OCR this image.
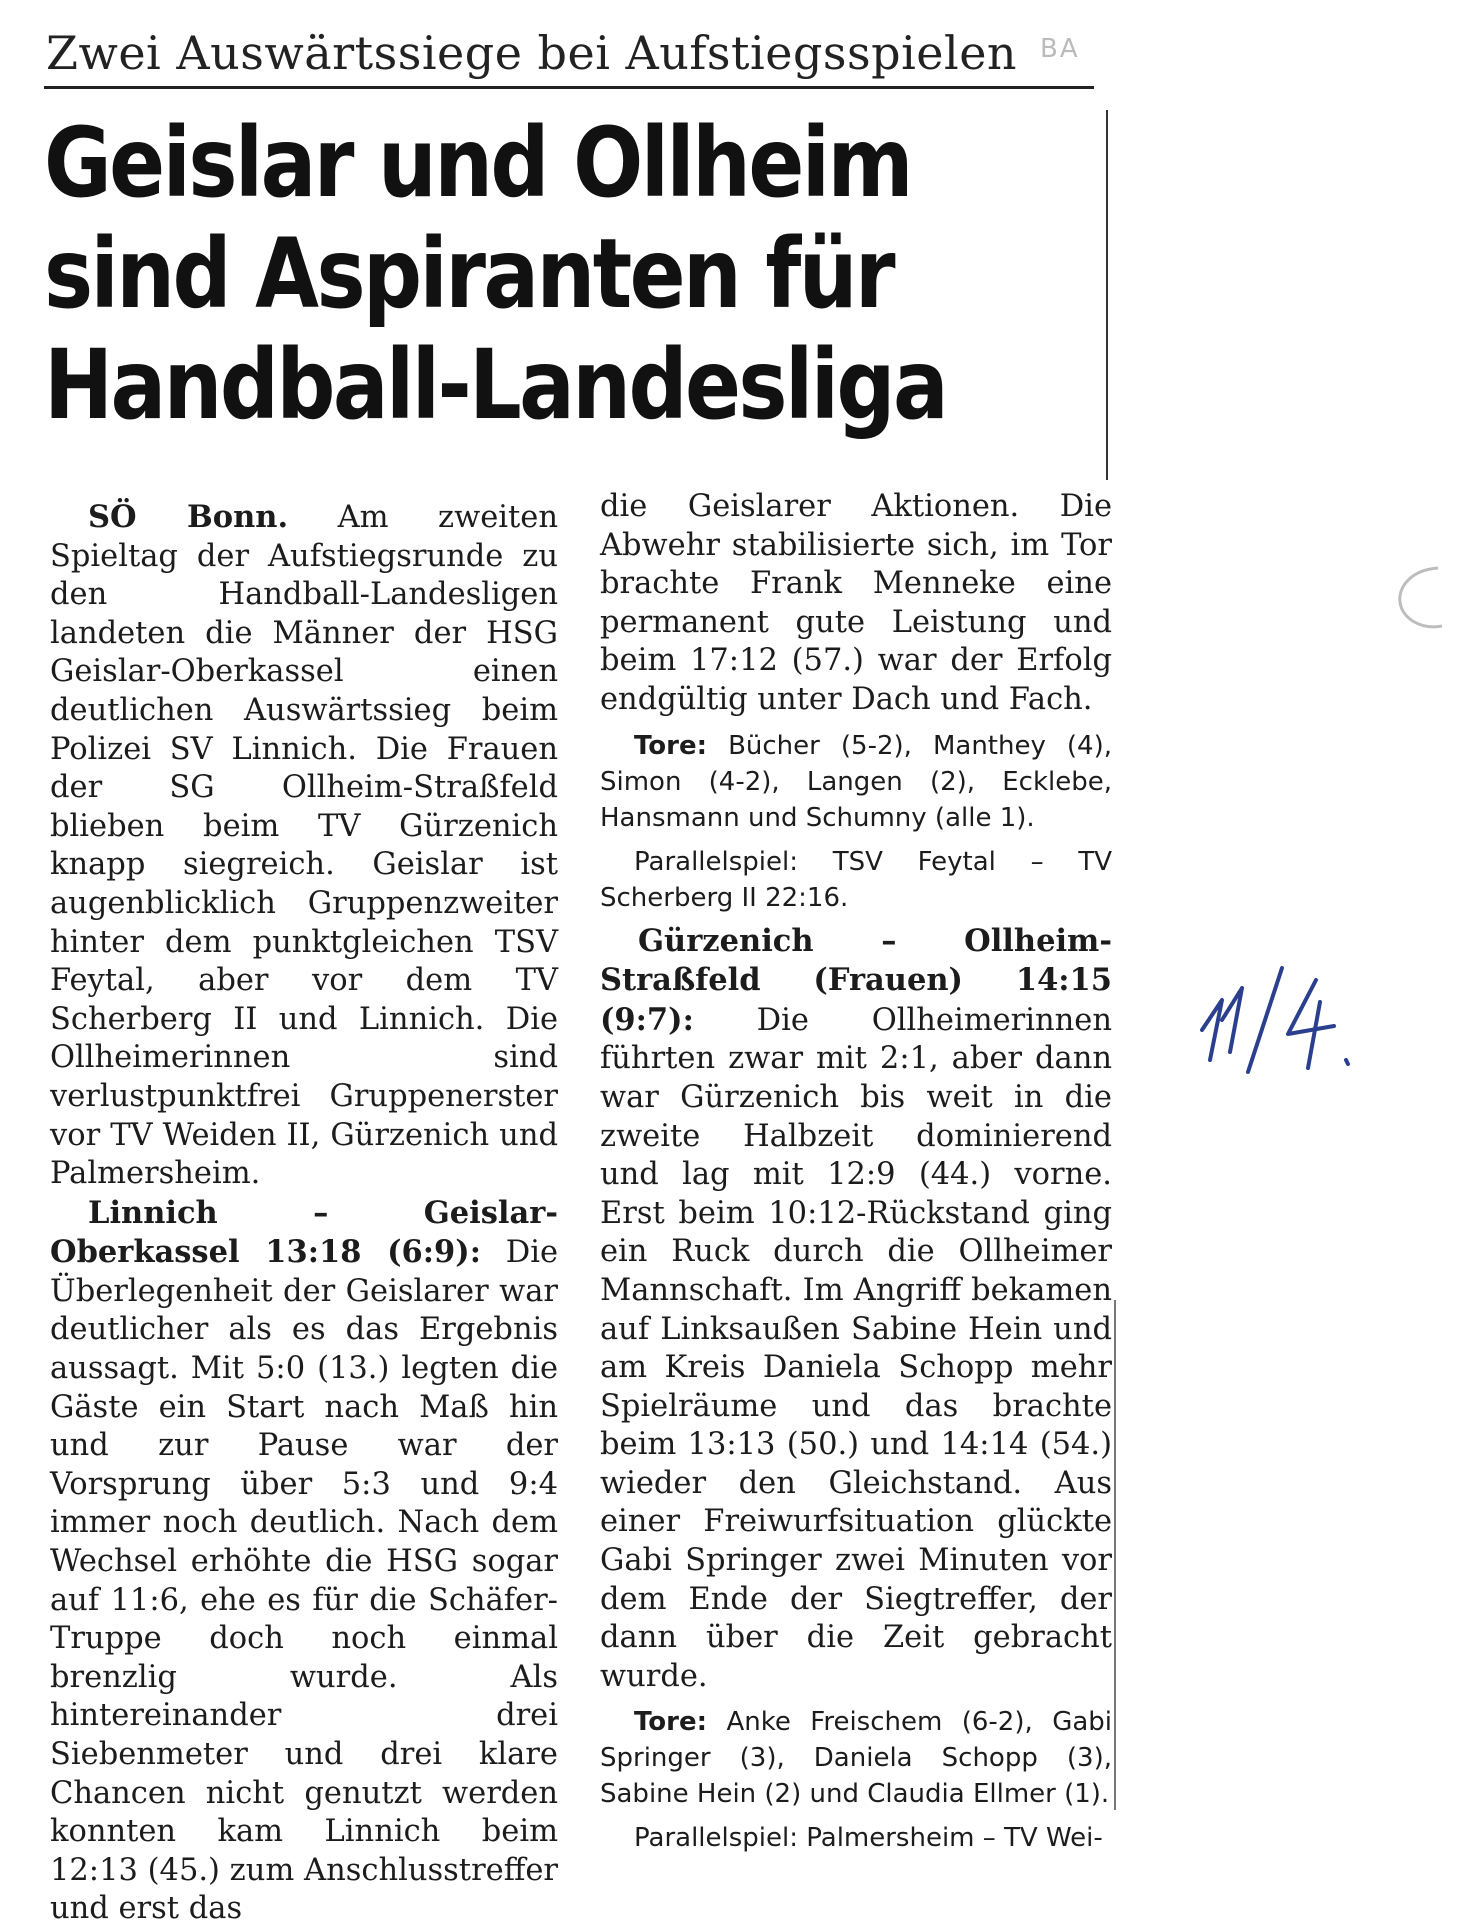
Zwei Auswärtssiege bei Aufstiegsspielen BA
Geislar und Ollheim
sind Aspiranten für
Handball-Landesliga

SÖ Bonn. Am zweiten Spieltag der Aufstiegsrunde zu den Handball-Landesligen landeten die Männer der HSG Geislar-Oberkassel einen deutlichen Auswärtssieg beim Polizei SV Linnich. Die Frauen der SG Ollheim-Straßfeld blieben beim TV Gürzenich knapp siegreich. Geislar ist augenblicklich Gruppenzweiter hinter dem punktgleichen TSV Feytal, aber vor dem TV Scherberg II und Linnich. Die Ollheimerinnen sind verlustpunktfrei Gruppenerster vor TV Weiden II, Gürzenich und Palmersheim.

Linnich – Geislar-Oberkassel 13:18 (6:9): Die Überlegenheit der Geislarer war deutlicher als es das Ergebnis aussagt. Mit 5:0 (13.) legten die Gäste ein Start nach Maß hin und zur Pause war der Vorsprung über 5:3 und 9:4 immer noch deutlich. Nach dem Wechsel erhöhte die HSG sogar auf 11:6, ehe es für die Schäfer-Truppe doch noch einmal brenzlig wurde. Als hintereinander drei Siebenmeter und drei klare Chancen nicht genutzt werden konnten kam Linnich beim 12:13 (45.) zum Anschlusstreffer und erst das

die Geislarer Aktionen. Die Abwehr stabilisierte sich, im Tor brachte Frank Menneke eine permanent gute Leistung und beim 17:12 (57.) war der Erfolg endgültig unter Dach und Fach.

Tore: Bücher (5-2), Manthey (4), Simon (4-2), Langen (2), Ecklebe, Hansmann und Schumny (alle 1).

Parallelspiel: TSV Feytal – TV Scherberg II 22:16.

Gürzenich – Ollheim-Straßfeld (Frauen) 14:15 (9:7): Die Ollheimerinnen führten zwar mit 2:1, aber dann war Gürzenich bis weit in die zweite Halbzeit dominierend und lag mit 12:9 (44.) vorne. Erst beim 10:12-Rückstand ging ein Ruck durch die Ollheimer Mannschaft. Im Angriff bekamen auf Linksaußen Sabine Hein und am Kreis Daniela Schopp mehr Spielräume und das brachte beim 13:13 (50.) und 14:14 (54.) wieder den Gleichstand. Aus einer Freiwurfsituation glückte Gabi Springer zwei Minuten vor dem Ende der Siegtreffer, der dann über die Zeit gebracht wurde.

Tore: Anke Freischem (6-2), Gabi Springer (3), Daniela Schopp (3), Sabine Hein (2) und Claudia Ellmer (1).

Parallelspiel: Palmersheim – TV Wei-
